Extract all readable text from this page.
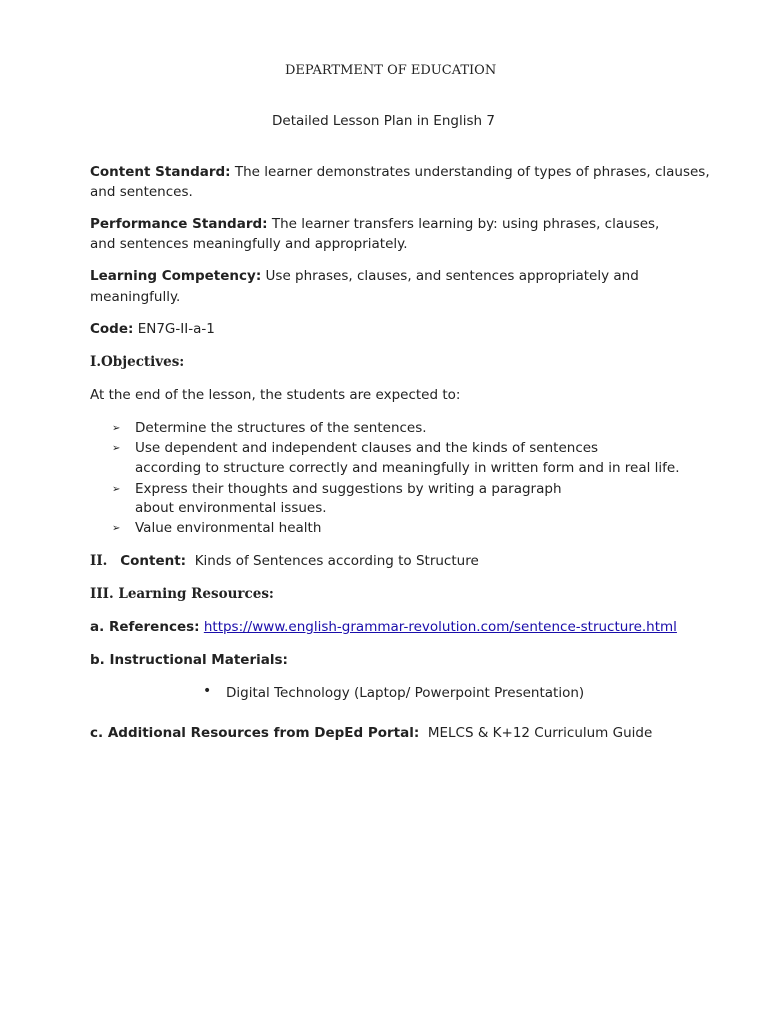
DEPARTMENT OF EDUCATION
Detailed Lesson Plan in English 7
Content Standard: The learner demonstrates understanding of types of phrases, clauses,
and sentences.
Performance Standard: The learner transfers learning by: using phrases, clauses,
and sentences meaningfully and appropriately.
Learning Competency: Use phrases, clauses, and sentences appropriately and
meaningfully.
Code: EN7G-II-a-1
I.Objectives:
At the end of the lesson, the students are expected to:
➢ Determine the structures of the sentences.
➢ Use dependent and independent clauses and the kinds of sentences
according to structure correctly and meaningfully in written form and in real life.
➢ Express their thoughts and suggestions by writing a paragraph
about environmental issues.
➢ Value environmental health
II. Content: Kinds of Sentences according to Structure
III. Learning Resources:
a. References: https://www.english-grammar-revolution.com/sentence-structure.html
b. Instructional Materials:
• Digital Technology (Laptop/ Powerpoint Presentation)
c. Additional Resources from DepEd Portal: MELCS & K+12 Curriculum Guide
